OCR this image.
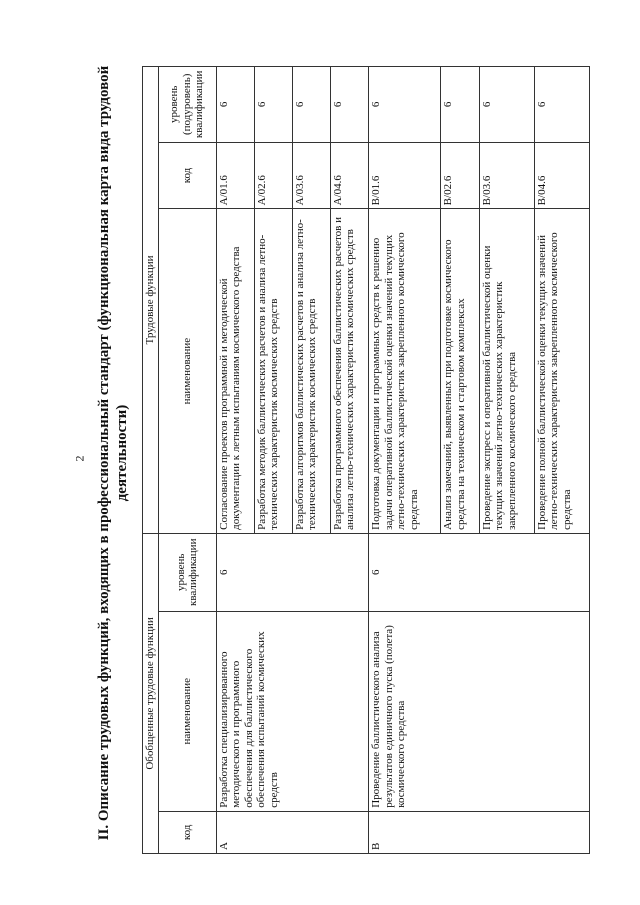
2 II. Описание трудовых функций, входящих в профессиональный стандарт (функциональная карта вида трудовой деятельности)
Обобщенные трудовые функции			Трудовые функции		
код	наименование	уровень квалификации	наименование	код	уровень (подуровень) квалификации
А	Разработка специализированного методического и программного обеспечения для баллистического обеспечения испытаний космических средств	6	Согласование проектов программной и методической документации к летным испытаниям космического средства	А/01.6	6
			Разработка методик баллистических расчетов и анализа летно-технических характеристик космических средств	А/02.6	6
			Разработка алгоритмов баллистических расчетов и анализа летно-технических характеристик космических средств	А/03.6	6
			Разработка программного обеспечения баллистических расчетов и анализа летно-технических характеристик космических средств	А/04.6	6
В	Проведение баллистического анализа результатов единичного пуска (полета) космического средства	6	Подготовка документации и программных средств к решению задачи оперативной баллистической оценки значений текущих летно-технических характеристик закрепленного космического средства	В/01.6	6
			Анализ замечаний, выявленных при подготовке космического средства на техническом и стартовом комплексах	В/02.6	6
			Проведение экспресс и оперативной баллистической оценки текущих значений летно-технических характеристик закрепленного космического средства	В/03.6	6
			Проведение полной баллистической оценки текущих значений летно-технических характеристик закрепленного космического средства	В/04.6	6
